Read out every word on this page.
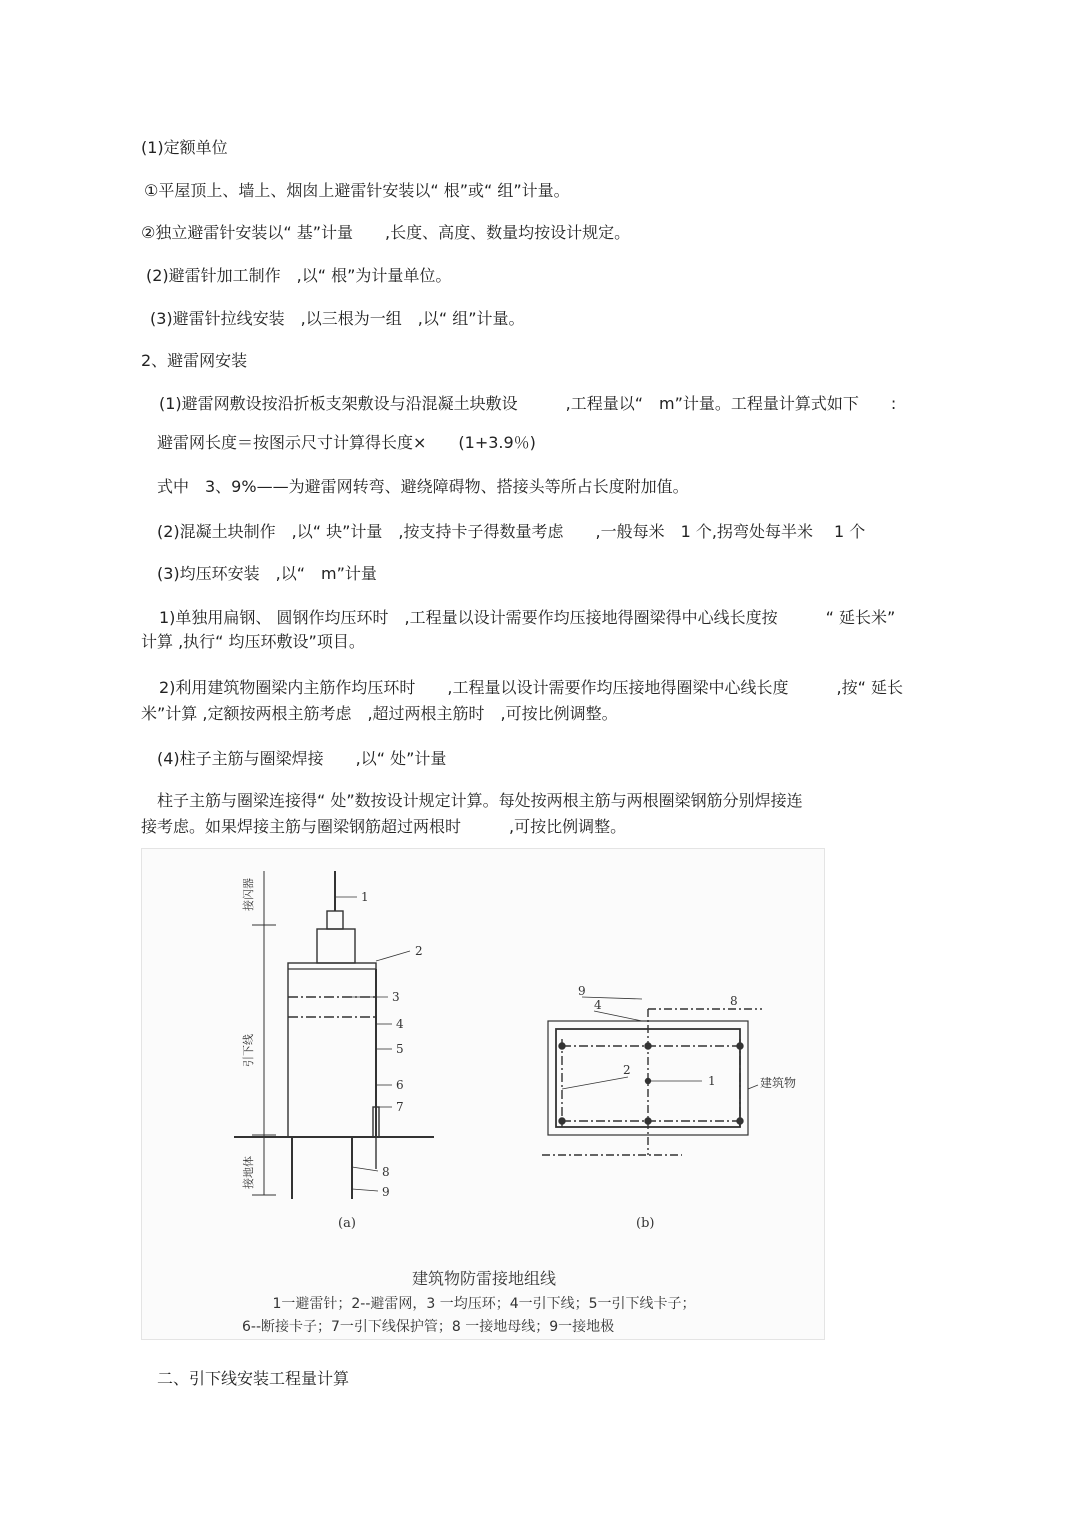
(1)定额单位
①平屋顶上、墙上、烟囱上避雷针安装以“ 根”或“ 组”计量。
②独立避雷针安装以“ 基”计量　　,长度、高度、数量均按设计规定。
(2)避雷针加工制作　,以“ 根”为计量单位。
(3)避雷针拉线安装　,以三根为一组　,以“ 组”计量。
2、避雷网安装
(1)避雷网敷设按沿折板支架敷设与沿混凝土块敷设　　　,工程量以“　m”计量。工程量计算式如下　　:
避雷网长度＝按图示尺寸计算得长度×　　(1+3.9％)
式中　3、9%——为避雷网转弯、避绕障碍物、搭接头等所占长度附加值。
(2)混凝土块制作　,以“ 块”计量　,按支持卡子得数量考虑　　,一般每米　1 个,拐弯处每半米　 1 个
(3)均压环安装　,以“　m”计量
1)单独用扁钢、 圆钢作均压环时　,工程量以设计需要作均压接地得圈梁得中心线长度按　　　“ 延长米”
计算 ,执行“ 均压环敷设”项目。
2)利用建筑物圈梁内主筋作均压环时　　,工程量以设计需要作均压接地得圈梁中心线长度　　　,按“ 延长
米”计算 ,定额按两根主筋考虑　,超过两根主筋时　,可按比例调整。
(4)柱子主筋与圈梁焊接　　,以“ 处”计量
柱子主筋与圈梁连接得“ 处”数按设计规定计算。每处按两根主筋与两根圈梁钢筋分别焊接连
接考虑。如果焊接主筋与圈梁钢筋超过两根时　　　,可按比例调整。
1
2
3
4
5
6
7
8
9
接闪器
引下线
接地体
9
8
4
2
1	建筑物
(a)	(b)
建筑物防雷接地组线
1一避雷针；2--避雷网，3 一均压环；4一引下线；5一引下线卡子；
6--断接卡子；7一引下线保护管；8 一接地母线；9一接地极
二、引下线安装工程量计算
